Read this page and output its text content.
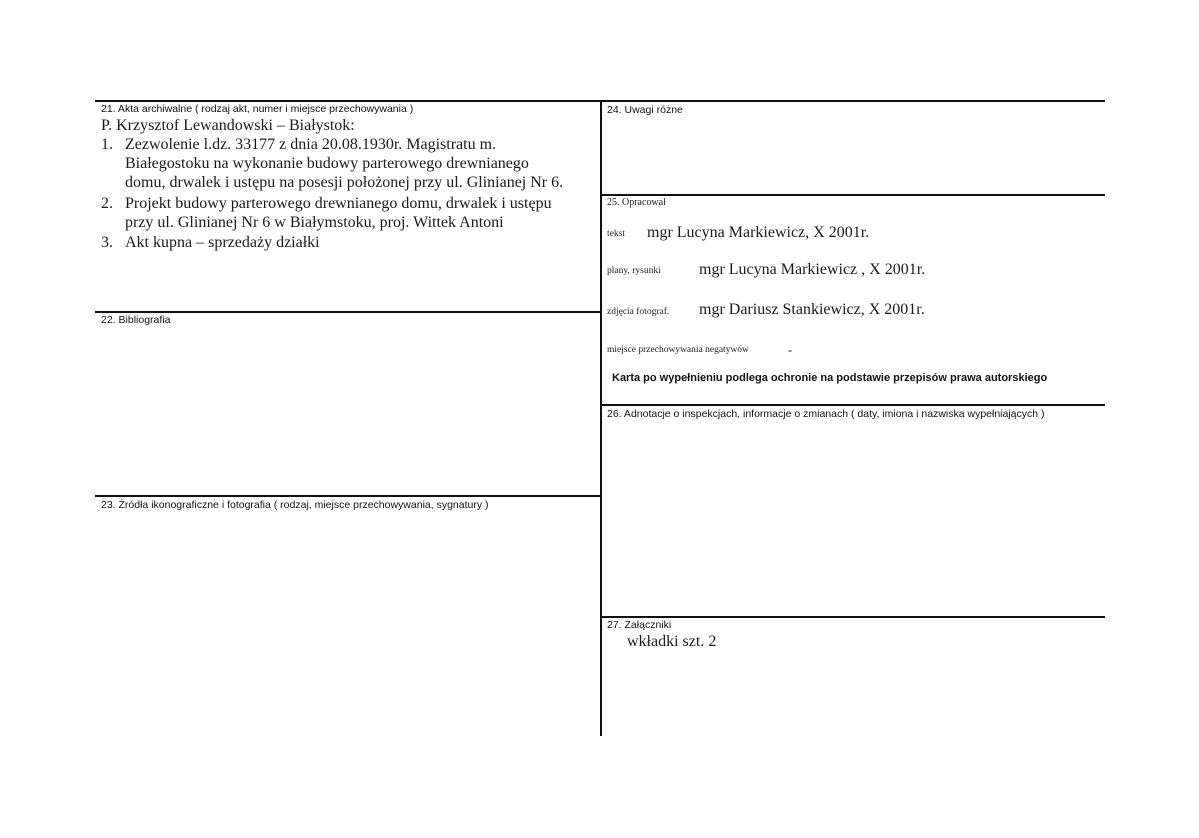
21. Akta archiwalne ( rodzaj akt, numer i miejsce przechowywania )
P. Krzysztof Lewandowski – Białystok:
1. Zezwolenie l.dz. 33177 z dnia 20.08.1930r. Magistratu m.
Białegostoku na wykonanie budowy parterowego drewnianego
domu, drwalek i ustępu na posesji położonej przy ul. Glinianej Nr 6.
2. Projekt budowy parterowego drewnianego domu, drwalek i ustępu
przy ul. Glinianej Nr 6 w Białymstoku, proj. Wittek Antoni
3. Akt kupna – sprzedaży działki
22. Bibliografia
23. Źródła ikonograficzne i fotografia ( rodzaj, miejsce przechowywania, sygnatury )
24. Uwagi różne
25. Opracował
tekst mgr Lucyna Markiewicz, X 2001r.
plany, rysunki mgr Lucyna Markiewicz , X 2001r.
zdjęcia fotograf. mgr Dariusz Stankiewicz, X 2001r.
miejsce przechowywania negatywów	-
Karta po wypełnieniu podlega ochronie na podstawie przepisów prawa autorskiego
26. Adnotacje o inspekcjach, informacje o zmianach ( daty, imiona i nazwiska wypełniających )
27. Załączniki
wkładki szt. 2
